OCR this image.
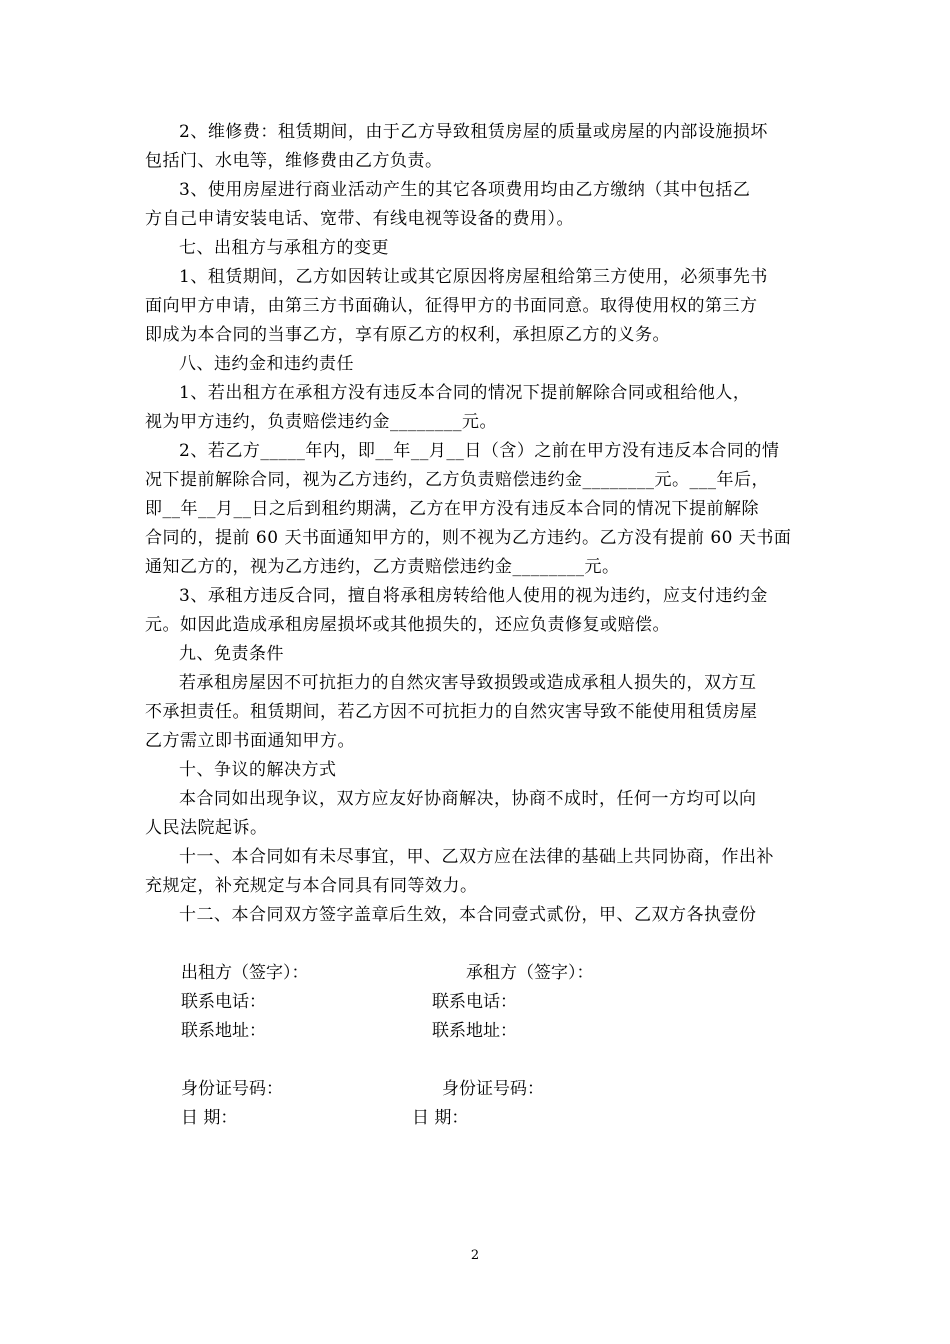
2、维修费：租赁期间，由于乙方导致租赁房屋的质量或房屋的内部设施损坏
包括门、水电等，维修费由乙方负责。
3、使用房屋进行商业活动产生的其它各项费用均由乙方缴纳（其中包括乙
方自己申请安装电话、宽带、有线电视等设备的费用）。
七、出租方与承租方的变更
1、租赁期间，乙方如因转让或其它原因将房屋租给第三方使用，必须事先书
面向甲方申请，由第三方书面确认，征得甲方的书面同意。取得使用权的第三方
即成为本合同的当事乙方，享有原乙方的权利，承担原乙方的义务。
八、违约金和违约责任
1、若出租方在承租方没有违反本合同的情况下提前解除合同或租给他人，
视为甲方违约，负责赔偿违约金________元。
2、若乙方_____年内，即__年__月__日（含）之前在甲方没有违反本合同的情
况下提前解除合同，视为乙方违约，乙方负责赔偿违约金________元。___年后，
即__年__月__日之后到租约期满，乙方在甲方没有违反本合同的情况下提前解除
合同的，提前 60 天书面通知甲方的，则不视为乙方违约。乙方没有提前 60 天书面
通知乙方的，视为乙方违约，乙方责赔偿违约金________元。
3、承租方违反合同，擅自将承租房转给他人使用的视为违约，应支付违约金
元。如因此造成承租房屋损坏或其他损失的，还应负责修复或赔偿。
九、免责条件
若承租房屋因不可抗拒力的自然灾害导致损毁或造成承租人损失的，双方互
不承担责任。租赁期间，若乙方因不可抗拒力的自然灾害导致不能使用租赁房屋
乙方需立即书面通知甲方。
十、争议的解决方式
本合同如出现争议，双方应友好协商解决，协商不成时，任何一方均可以向
人民法院起诉。
十一、本合同如有未尽事宜，甲、乙双方应在法律的基础上共同协商，作出补
充规定，补充规定与本合同具有同等效力。
十二、本合同双方签字盖章后生效，本合同壹式贰份，甲、乙双方各执壹份
出租方（签字）：	承租方（签字）：
联系电话：	联系电话：
联系地址：	联系地址：
身份证号码：	身份证号码：
日 期：	日 期：
2
